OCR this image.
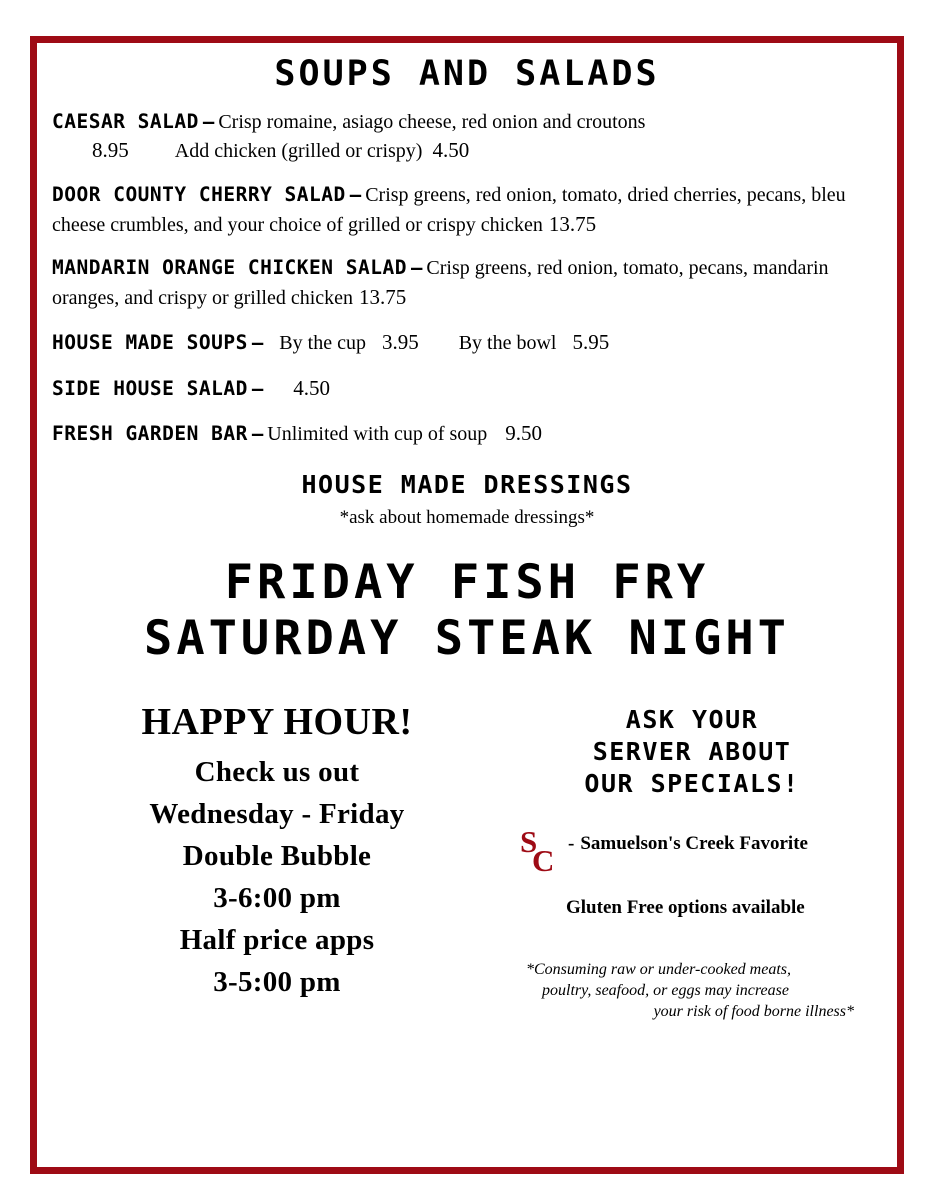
SOUPS AND SALADS
CAESAR SALAD – Crisp romaine, asiago cheese, red onion and croutons
8.95 Add chicken (grilled or crispy) 4.50
DOOR COUNTY CHERRY SALAD – Crisp greens, red onion, tomato, dried cherries, pecans, bleu cheese crumbles, and your choice of grilled or crispy chicken 13.75
MANDARIN ORANGE CHICKEN SALAD – Crisp greens, red onion, tomato, pecans, mandarin oranges, and crispy or grilled chicken 13.75
HOUSE MADE SOUPS – By the cup 3.95 By the bowl 5.95
SIDE HOUSE SALAD – 4.50
FRESH GARDEN BAR – Unlimited with cup of soup 9.50
HOUSE MADE DRESSINGS
*ask about homemade dressings*
FRIDAY FISH FRY
SATURDAY STEAK NIGHT
HAPPY HOUR!
Check us out
Wednesday - Friday
Double Bubble
3-6:00 pm
Half price apps
3-5:00 pm
ASK YOUR
SERVER ABOUT
OUR SPECIALS!
S
C - Samuelson's Creek Favorite
Gluten Free options available
*Consuming raw or under-cooked meats,
poultry, seafood, or eggs may increase
your risk of food borne illness*
